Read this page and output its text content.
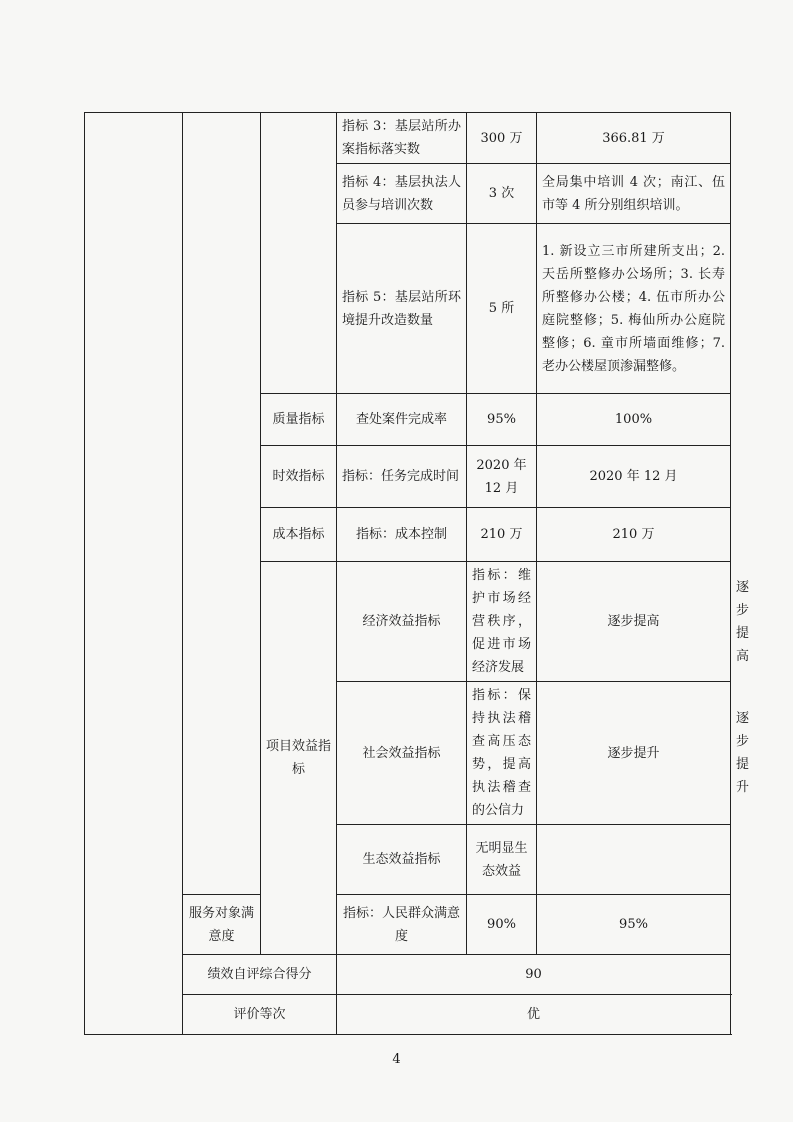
			指标 3：基层站所办案指标落实数	300 万	366.81 万	
			指标 4：基层执法人员参与培训次数	3 次	全局集中培训 4 次；南江、伍市等 4 所分别组织培训。	
			指标 5：基层站所环境提升改造数量	5 所	1. 新设立三市所建所支出；2. 天岳所整修办公场所；3. 长寿所整修办公楼；4. 伍市所办公庭院整修；5. 梅仙所办公庭院整修；6. 童市所墙面维修；7. 老办公楼屋顶渗漏整修。	
		质量指标	查处案件完成率	95%	100%	
		时效指标	指标：任务完成时间	2020 年 12 月	2020 年 12 月	
		成本指标	指标：成本控制	210 万	210 万	
		项目效益指标	经济效益指标	指标：维护市场经营秩序，促进市场经济发展	逐步提高	逐步提高
			社会效益指标	指标：保持执法稽查高压态势，提高执法稽查的公信力	逐步提升	逐步提升
			生态效益指标	无明显生态效益		
	服务对象满意度		指标：人民群众满意度	90%	95%	
	绩效自评综合得分		90			
	评价等次		优			
4
